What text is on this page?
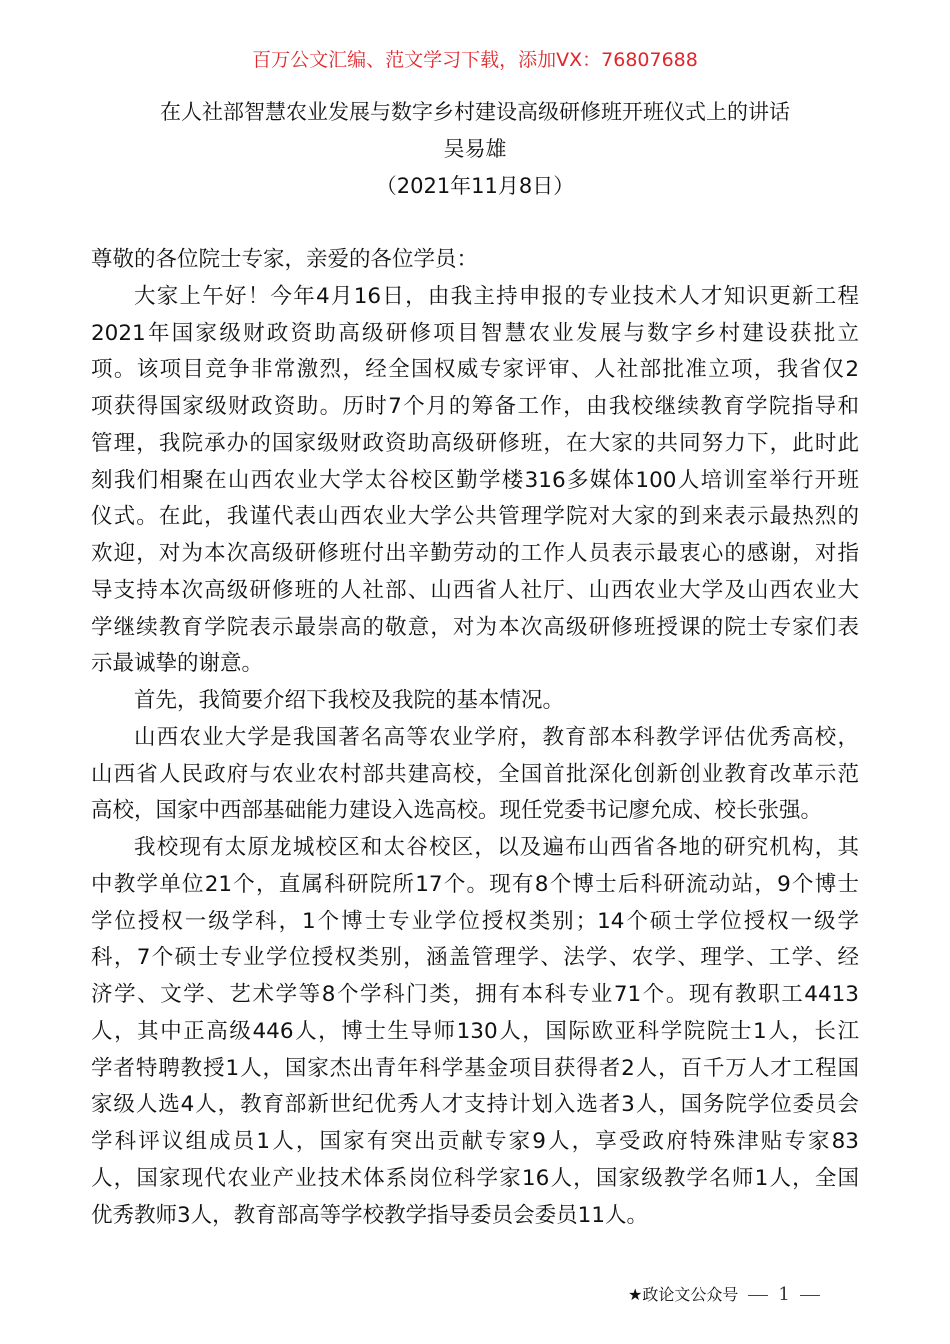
百万公文汇编、范文学习下载，添加VX：76807688
在人社部智慧农业发展与数字乡村建设高级研修班开班仪式上的讲话
吴易雄
（2021年11月8日）
尊敬的各位院士专家，亲爱的各位学员：
大家上午好！今年4月16日，由我主持申报的专业技术人才知识更新工程
2021年国家级财政资助高级研修项目智慧农业发展与数字乡村建设获批立
项。该项目竞争非常激烈，经全国权威专家评审、人社部批准立项，我省仅2
项获得国家级财政资助。历时7个月的筹备工作，由我校继续教育学院指导和
管理，我院承办的国家级财政资助高级研修班，在大家的共同努力下，此时此
刻我们相聚在山西农业大学太谷校区勤学楼316多媒体100人培训室举行开班
仪式。在此，我谨代表山西农业大学公共管理学院对大家的到来表示最热烈的
欢迎，对为本次高级研修班付出辛勤劳动的工作人员表示最衷心的感谢，对指
导支持本次高级研修班的人社部、山西省人社厅、山西农业大学及山西农业大
学继续教育学院表示最崇高的敬意，对为本次高级研修班授课的院士专家们表
示最诚挚的谢意。
首先，我简要介绍下我校及我院的基本情况。
山西农业大学是我国著名高等农业学府，教育部本科教学评估优秀高校，
山西省人民政府与农业农村部共建高校，全国首批深化创新创业教育改革示范
高校，国家中西部基础能力建设入选高校。现任党委书记廖允成、校长张强。
我校现有太原龙城校区和太谷校区，以及遍布山西省各地的研究机构，其
中教学单位21个，直属科研院所17个。现有8个博士后科研流动站，9个博士
学位授权一级学科，1个博士专业学位授权类别；14个硕士学位授权一级学
科，7个硕士专业学位授权类别，涵盖管理学、法学、农学、理学、工学、经
济学、文学、艺术学等8个学科门类，拥有本科专业71个。现有教职工4413
人，其中正高级446人，博士生导师130人，国际欧亚科学院院士1人，长江
学者特聘教授1人，国家杰出青年科学基金项目获得者2人，百千万人才工程国
家级人选4人，教育部新世纪优秀人才支持计划入选者3人，国务院学位委员会
学科评议组成员1人，国家有突出贡献专家9人，享受政府特殊津贴专家83
人，国家现代农业产业技术体系岗位科学家16人，国家级教学名师1人，全国
优秀教师3人，教育部高等学校教学指导委员会委员11人。
★政论文公众号 1
